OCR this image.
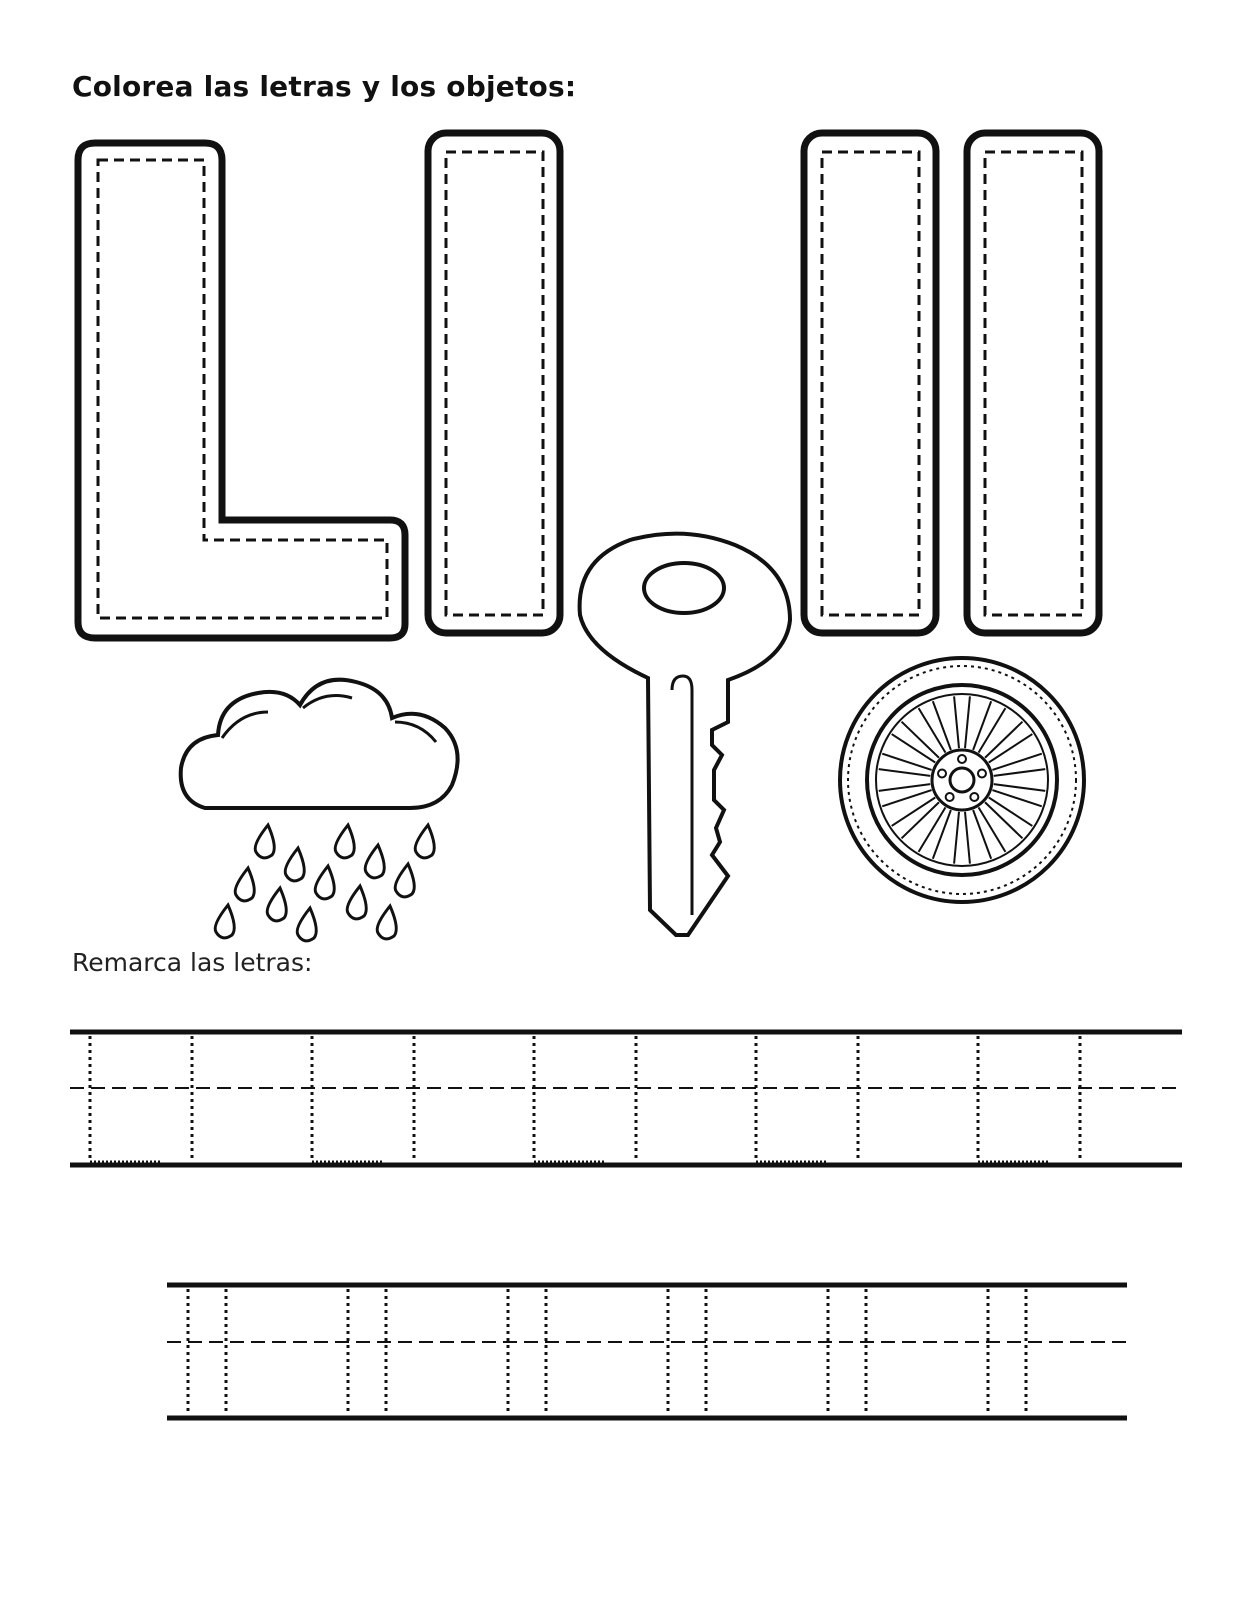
Colorea las letras y los objetos:
Remarca las letras:
